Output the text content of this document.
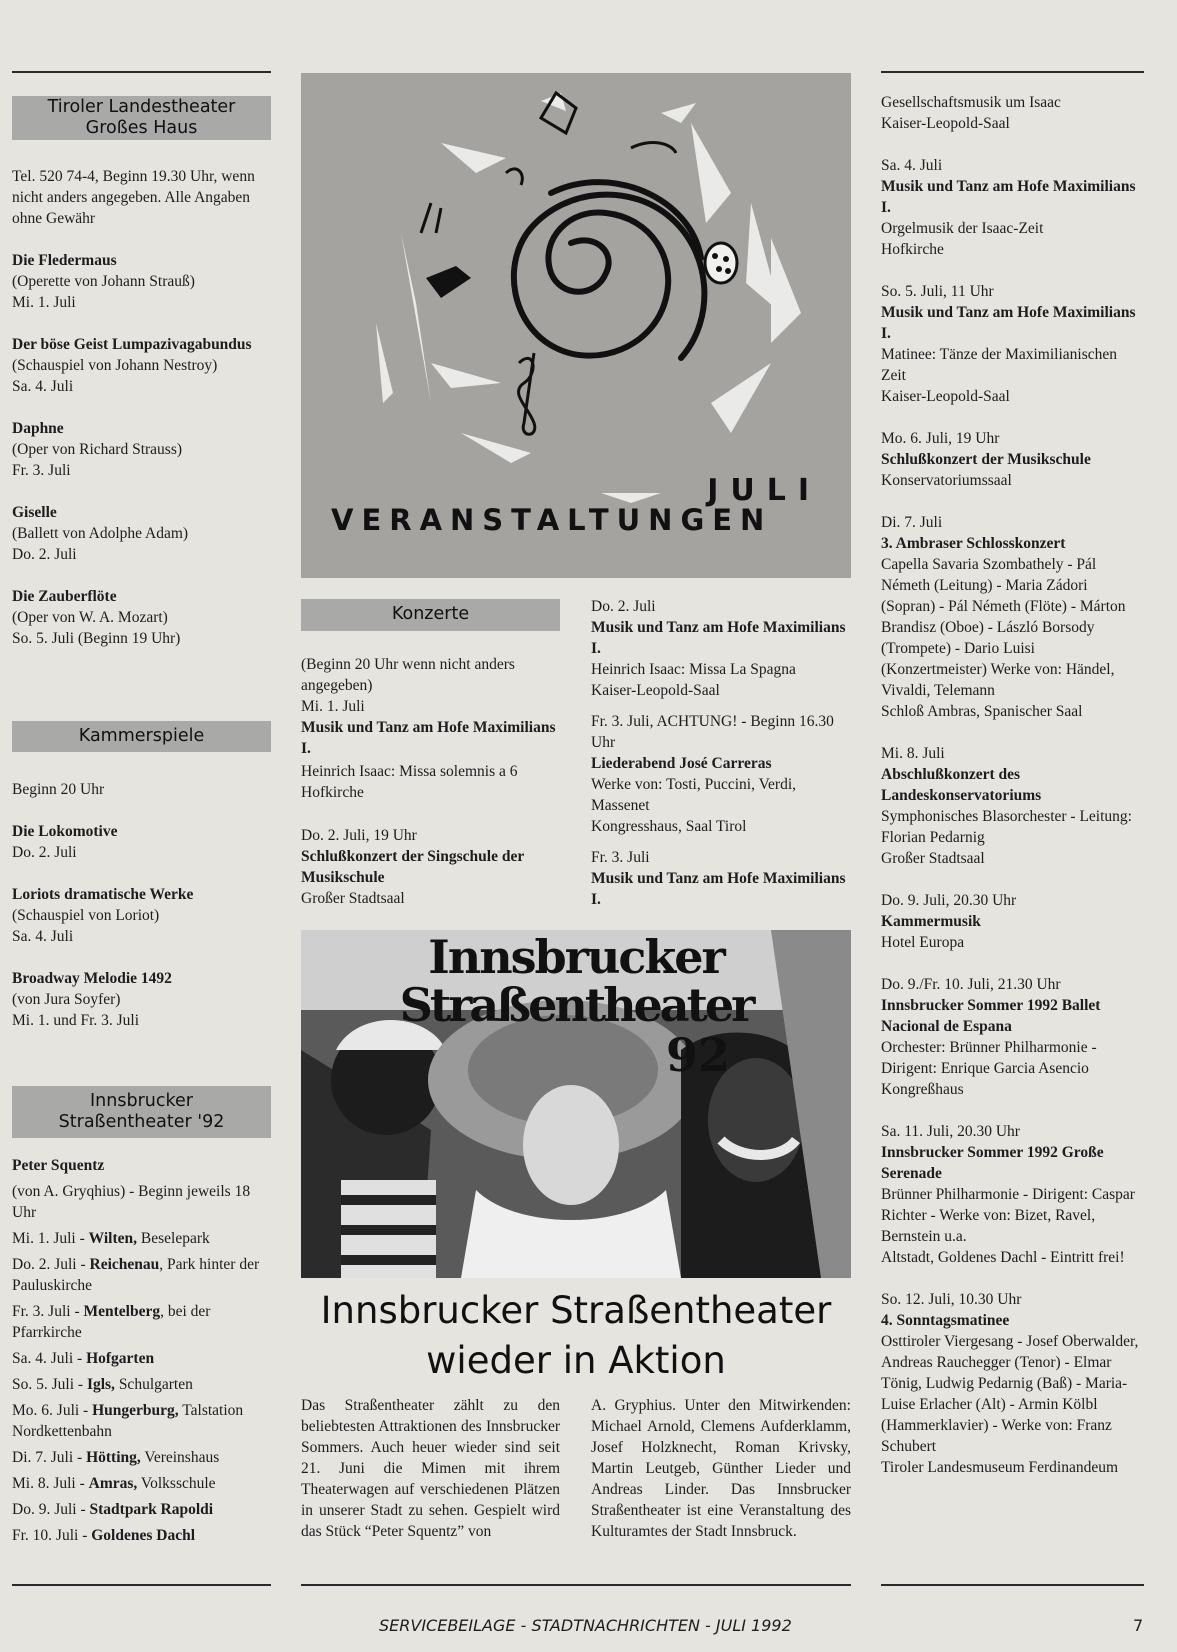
Tiroler Landestheater
Großes Haus
Tel. 520 74-4, Beginn 19.30 Uhr, wenn nicht anders angegeben. Alle Angaben ohne Gewähr
Die Fledermaus
(Operette von Johann Strauß)
Mi. 1. Juli
Der böse Geist Lumpazivagabundus
(Schauspiel von Johann Nestroy)
Sa. 4. Juli
Daphne
(Oper von Richard Strauss)
Fr. 3. Juli
Giselle
(Ballett von Adolphe Adam)
Do. 2. Juli
Die Zauberflöte
(Oper von W. A. Mozart)
So. 5. Juli (Beginn 19 Uhr)
Kammerspiele
Beginn 20 Uhr
Die Lokomotive
Do. 2. Juli
Loriots dramatische Werke
(Schauspiel von Loriot)
Sa. 4. Juli
Broadway Melodie 1492
(von Jura Soyfer)
Mi. 1. und Fr. 3. Juli
Innsbrucker
Straßentheater '92
Peter Squentz
(von A. Gryqhius) - Beginn jeweils 18 Uhr
Mi. 1. Juli - Wilten, Beselepark
Do. 2. Juli - Reichenau, Park hinter der Pauluskirche
Fr. 3. Juli - Mentelberg, bei der Pfarrkirche
Sa. 4. Juli - Hofgarten
So. 5. Juli - Igls, Schulgarten
Mo. 6. Juli - Hungerburg, Talstation Nordkettenbahn
Di. 7. Juli - Hötting, Vereinshaus
Mi. 8. Juli - Amras, Volksschule
Do. 9. Juli - Stadtpark Rapoldi
Fr. 10. Juli - Goldenes Dachl
JULI
VERANSTALTUNGEN
Konzerte
(Beginn 20 Uhr wenn nicht anders angegeben)
Mi. 1. Juli
Musik und Tanz am Hofe Maximilians I.
Heinrich Isaac: Missa solemnis a 6
Hofkirche
Do. 2. Juli, 19 Uhr
Schlußkonzert der Singschule der Musikschule
Großer Stadtsaal
Do. 2. Juli
Musik und Tanz am Hofe Maximilians I.
Heinrich Isaac: Missa La Spagna
Kaiser-Leopold-Saal
Fr. 3. Juli, ACHTUNG! - Beginn 16.30 Uhr
Liederabend José Carreras
Werke von: Tosti, Puccini, Verdi, Massenet
Kongresshaus, Saal Tirol
Fr. 3. Juli
Musik und Tanz am Hofe Maximilians I.
Innsbrucker
Straßentheater
92
Innsbrucker Straßentheater
wieder in Aktion
Das Straßentheater zählt zu den beliebtesten Attraktionen des Innsbrucker Sommers. Auch heuer wieder sind seit 21. Juni die Mimen mit ihrem Theaterwagen auf verschiedenen Plätzen in unserer Stadt zu sehen. Gespielt wird das Stück “Peter Squentz” von
A. Gryphius. Unter den Mitwirkenden: Michael Arnold, Clemens Aufderklamm, Josef Holzknecht, Roman Krivsky, Martin Leutgeb, Günther Lieder und Andreas Linder. Das Innsbrucker Straßentheater ist eine Veranstaltung des Kulturamtes der Stadt Innsbruck.
Gesellschaftsmusik um Isaac
Kaiser-Leopold-Saal
Sa. 4. Juli
Musik und Tanz am Hofe Maximilians I.
Orgelmusik der Isaac-Zeit
Hofkirche
So. 5. Juli, 11 Uhr
Musik und Tanz am Hofe Maximilians I.
Matinee: Tänze der Maximilianischen Zeit
Kaiser-Leopold-Saal
Mo. 6. Juli, 19 Uhr
Schlußkonzert der Musikschule
Konservatoriumssaal
Di. 7. Juli
3. Ambraser Schlosskonzert
Capella Savaria Szombathely - Pál Németh (Leitung) - Maria Zádori (Sopran) - Pál Németh (Flöte) - Márton Brandisz (Oboe) - László Borsody (Trompete) - Dario Luisi (Konzertmeister) Werke von: Händel, Vivaldi, Telemann
Schloß Ambras, Spanischer Saal
Mi. 8. Juli
Abschlußkonzert des Landeskonservatoriums
Symphonisches Blasorchester - Leitung: Florian Pedarnig
Großer Stadtsaal
Do. 9. Juli, 20.30 Uhr
Kammermusik
Hotel Europa
Do. 9./Fr. 10. Juli, 21.30 Uhr
Innsbrucker Sommer 1992 Ballet Nacional de Espana
Orchester: Brünner Philharmonie - Dirigent: Enrique Garcia Asencio
Kongreßhaus
Sa. 11. Juli, 20.30 Uhr
Innsbrucker Sommer 1992 Große Serenade
Brünner Philharmonie - Dirigent: Caspar Richter - Werke von: Bizet, Ravel, Bernstein u.a.
Altstadt, Goldenes Dachl - Eintritt frei!
So. 12. Juli, 10.30 Uhr
4. Sonntagsmatinee
Osttiroler Viergesang - Josef Oberwalder, Andreas Rauchegger (Tenor) - Elmar Tönig, Ludwig Pedarnig (Baß) - Maria-Luise Erlacher (Alt) - Armin Kölbl (Hammerklavier) - Werke von: Franz Schubert
Tiroler Landesmuseum Ferdinandeum
SERVICEBEILAGE - STADTNACHRICHTEN - JULI 1992	7
